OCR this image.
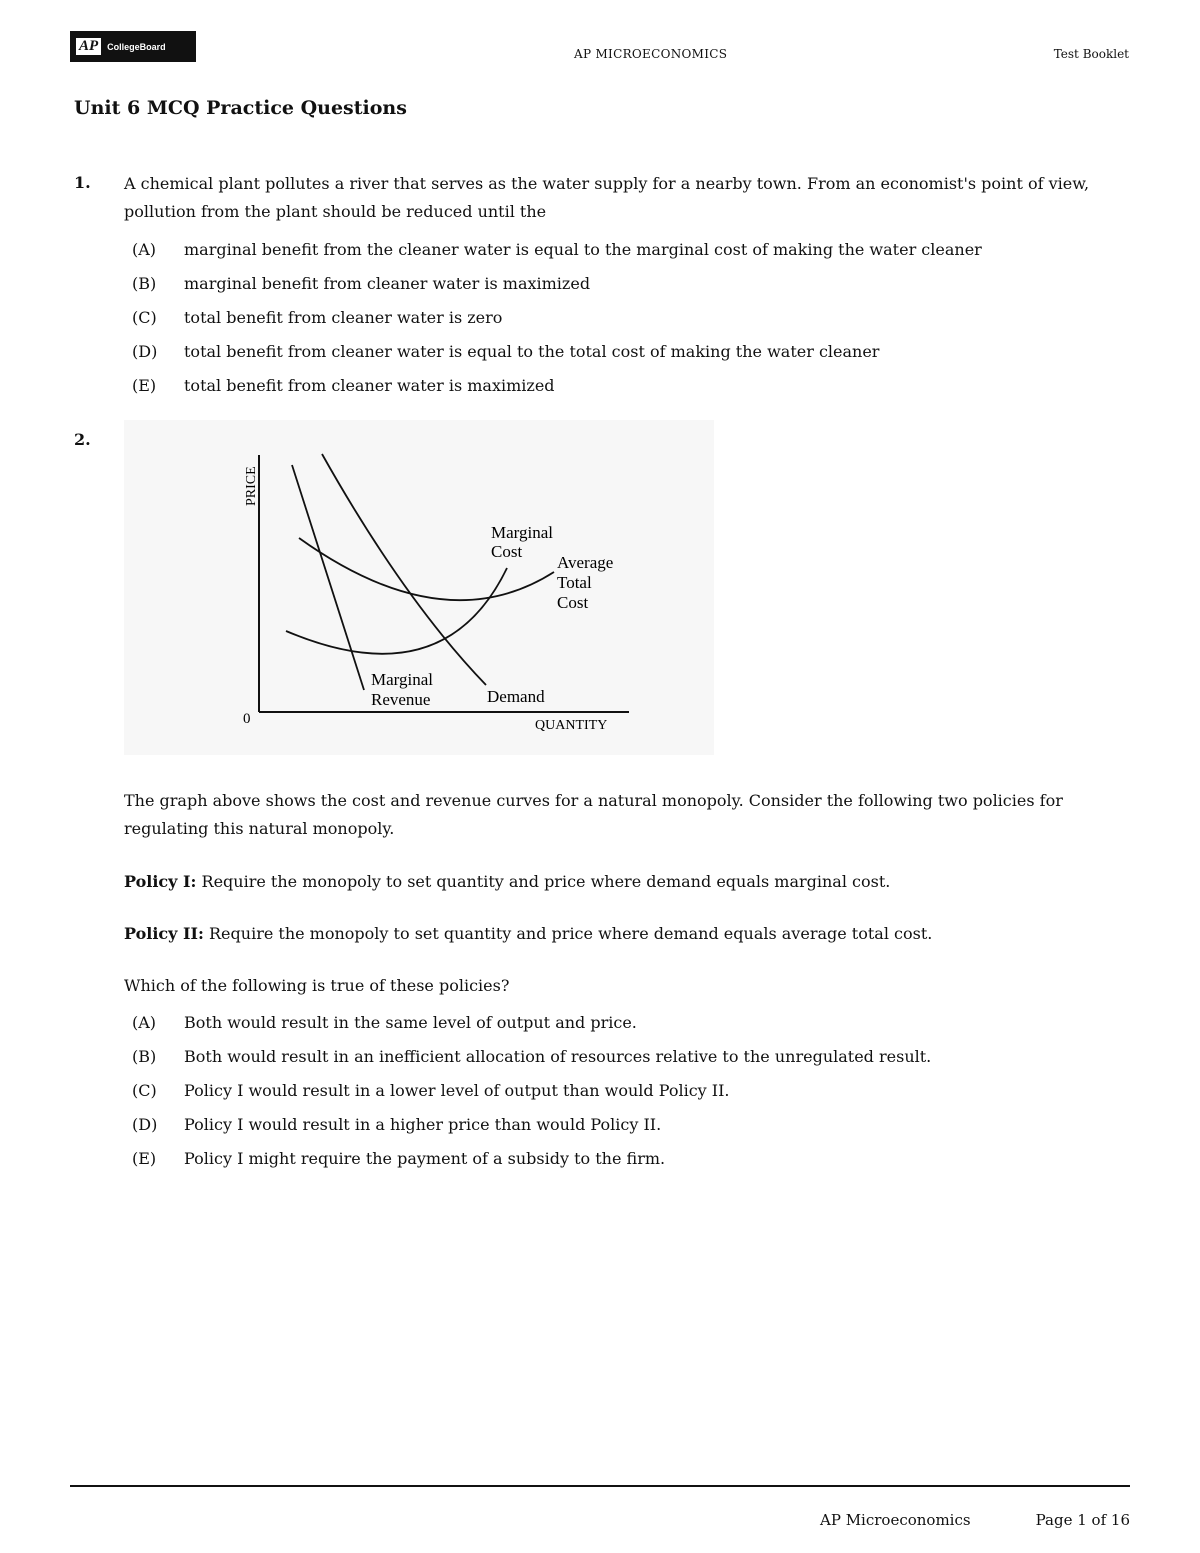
AP	CollegeBoard
AP MICROECONOMICS	Test Booklet
Unit 6 MCQ Practice Questions
1. A chemical plant pollutes a river that serves as the water supply for a nearby town. From an economist's point of view, pollution from the plant should be reduced until the
(A)	marginal benefit from the cleaner water is equal to the marginal cost of making the water cleaner
(B)	marginal benefit from cleaner water is maximized
(C)	total benefit from cleaner water is zero
(D)	total benefit from cleaner water is equal to the total cost of making the water cleaner
(E)	total benefit from cleaner water is maximized
2.
PRICE
QUANTITY
0
Marginal
Cost
Average
Total
Cost
Marginal
Revenue	Demand
The graph above shows the cost and revenue curves for a natural monopoly. Consider the following two policies for regulating this natural monopoly.
Policy I: Require the monopoly to set quantity and price where demand equals marginal cost.
Policy II: Require the monopoly to set quantity and price where demand equals average total cost.
Which of the following is true of these policies?
(A)	Both would result in the same level of output and price.
(B)	Both would result in an inefficient allocation of resources relative to the unregulated result.
(C)	Policy I would result in a lower level of output than would Policy II.
(D)	Policy I would result in a higher price than would Policy II.
(E)	Policy I might require the payment of a subsidy to the firm.
AP Microeconomics	Page 1 of 16
